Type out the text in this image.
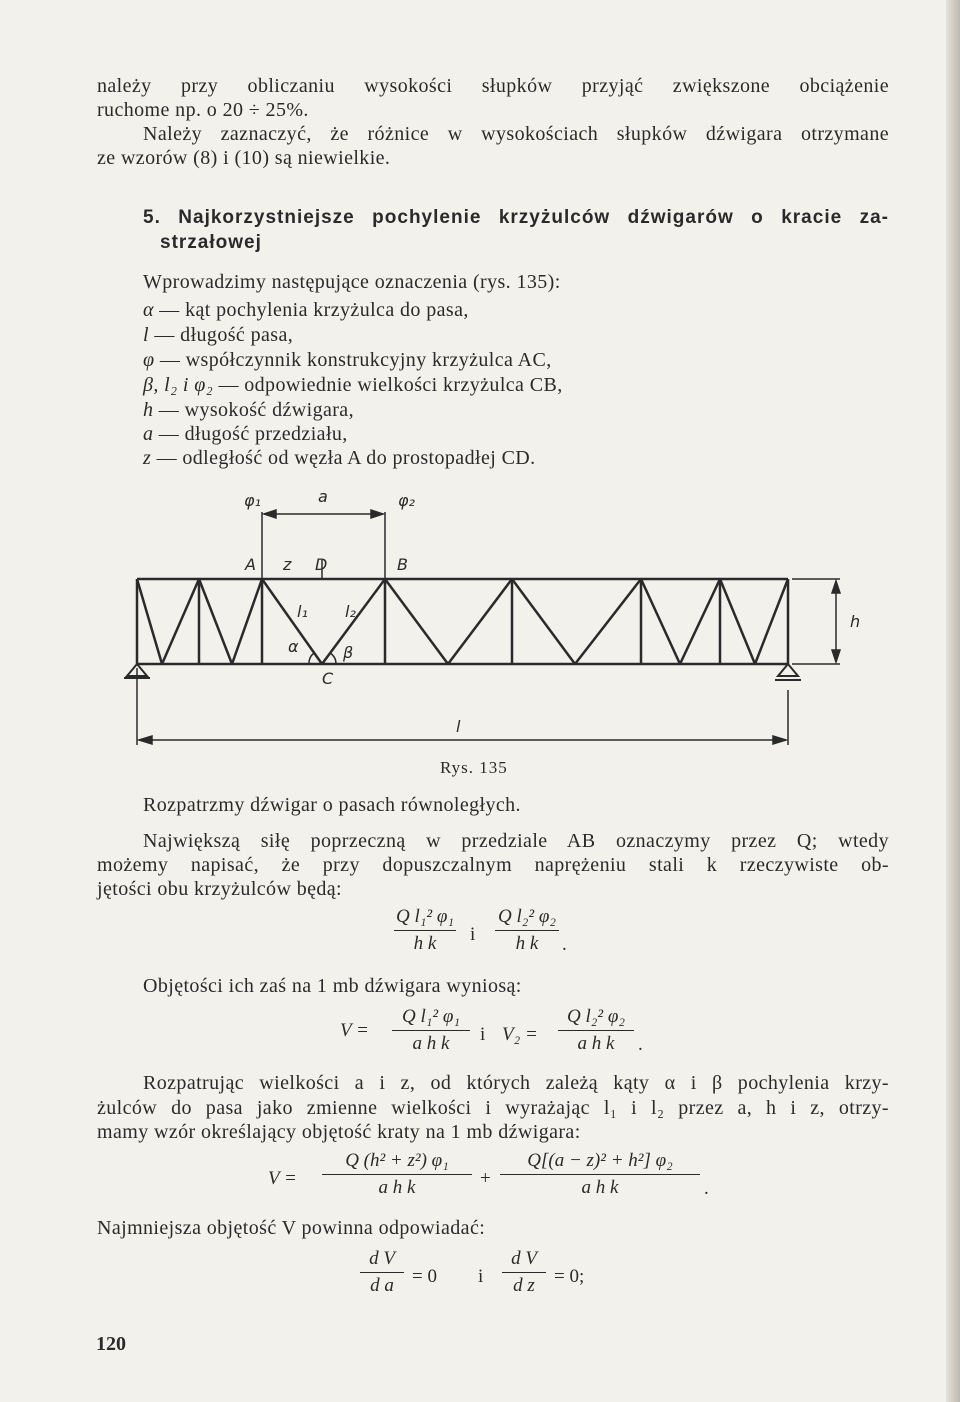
należy przy obliczaniu wysokości słupków przyjąć zwiększone obciążenie
ruchome np. o 20 ÷ 25%.
Należy zaznaczyć, że różnice w wysokościach słupków dźwigara otrzymane
ze wzorów (8) i (10) są niewielkie.
5. Najkorzystniejsze pochylenie krzyżulców dźwigarów o kracie za-
strzałowej
Wprowadzimy następujące oznaczenia (rys. 135):
α — kąt pochylenia krzyżulca do pasa,
l — długość pasa,
φ — współczynnik konstrukcyjny krzyżulca AC,
β, l₂ i φ₂ — odpowiednie wielkości krzyżulca CB,
h — wysokość dźwigara,
a — długość przedziału,
z — odległość od węzła A do prostopadłej CD.
φ₁	a	φ₂
A z D	B
l₁ l₂
α	β
C
h
l
Rys. 135
Rozpatrzmy dźwigar o pasach równoległych.
Największą siłę poprzeczną w przedziale AB oznaczymy przez Q; wtedy
możemy napisać, że przy dopuszczalnym naprężeniu stali k rzeczywiste ob-
jętości obu krzyżulców będą:
$\frac{\text{Q l₁² φ₁}}{\text{h k}}$ i $\frac{\text{Q l₂² φ₂}}{\text{h k}}$ .
Objętości ich zaś na 1 mb dźwigara wyniosą:
$V = \frac{\text{Q l₁² φ₁}}{\text{a h k}}$ i $V_2 = \frac{\text{Q l₂² φ₂}}{\text{a h k}}$ .
Rozpatrując wielkości a i z, od których zależą kąty α i β pochylenia krzy-
żulców do pasa jako zmienne wielkości i wyrażając l₁ i l₂ przez a, h i z, otrzy-
mamy wzór określający objętość kraty na 1 mb dźwigara:
$V = \frac{\text{Q (h² + z²) φ₁}}{\text{a h k}} + \frac{\text{Q[(a − z)² + h²] φ₂}}{\text{a h k}}$ .
Najmniejsza objętość V powinna odpowiadać:
$\frac{\text{d V}}{\text{d a}} = 0$ i $\frac{\text{d V}}{\text{d z}} = 0$;
120
